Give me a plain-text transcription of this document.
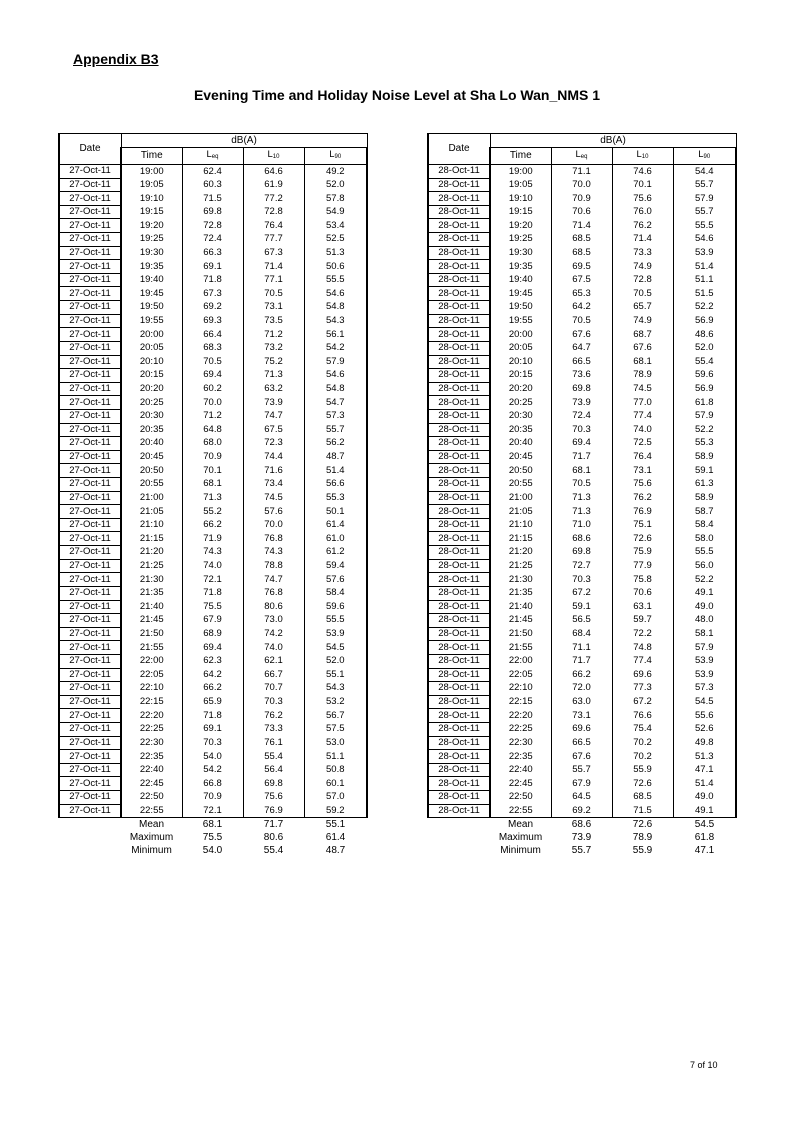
Appendix B3
Evening Time and Holiday Noise Level at Sha Lo Wan_NMS 1
Date	dB(A)			
	Time	Leq	L10	L90
27-Oct-11	19:00	62.4	64.6	49.2
27-Oct-11	19:05	60.3	61.9	52.0
27-Oct-11	19:10	71.5	77.2	57.8
27-Oct-11	19:15	69.8	72.8	54.9
27-Oct-11	19:20	72.8	76.4	53.4
27-Oct-11	19:25	72.4	77.7	52.5
27-Oct-11	19:30	66.3	67.3	51.3
27-Oct-11	19:35	69.1	71.4	50.6
27-Oct-11	19:40	71.8	77.1	55.5
27-Oct-11	19:45	67.3	70.5	54.6
27-Oct-11	19:50	69.2	73.1	54.8
27-Oct-11	19:55	69.3	73.5	54.3
27-Oct-11	20:00	66.4	71.2	56.1
27-Oct-11	20:05	68.3	73.2	54.2
27-Oct-11	20:10	70.5	75.2	57.9
27-Oct-11	20:15	69.4	71.3	54.6
27-Oct-11	20:20	60.2	63.2	54.8
27-Oct-11	20:25	70.0	73.9	54.7
27-Oct-11	20:30	71.2	74.7	57.3
27-Oct-11	20:35	64.8	67.5	55.7
27-Oct-11	20:40	68.0	72.3	56.2
27-Oct-11	20:45	70.9	74.4	48.7
27-Oct-11	20:50	70.1	71.6	51.4
27-Oct-11	20:55	68.1	73.4	56.6
27-Oct-11	21:00	71.3	74.5	55.3
27-Oct-11	21:05	55.2	57.6	50.1
27-Oct-11	21:10	66.2	70.0	61.4
27-Oct-11	21:15	71.9	76.8	61.0
27-Oct-11	21:20	74.3	74.3	61.2
27-Oct-11	21:25	74.0	78.8	59.4
27-Oct-11	21:30	72.1	74.7	57.6
27-Oct-11	21:35	71.8	76.8	58.4
27-Oct-11	21:40	75.5	80.6	59.6
27-Oct-11	21:45	67.9	73.0	55.5
27-Oct-11	21:50	68.9	74.2	53.9
27-Oct-11	21:55	69.4	74.0	54.5
27-Oct-11	22:00	62.3	62.1	52.0
27-Oct-11	22:05	64.2	66.7	55.1
27-Oct-11	22:10	66.2	70.7	54.3
27-Oct-11	22:15	65.9	70.3	53.2
27-Oct-11	22:20	71.8	76.2	56.7
27-Oct-11	22:25	69.1	73.3	57.5
27-Oct-11	22:30	70.3	76.1	53.0
27-Oct-11	22:35	54.0	55.4	51.1
27-Oct-11	22:40	54.2	56.4	50.8
27-Oct-11	22:45	66.8	69.8	60.1
27-Oct-11	22:50	70.9	75.6	57.0
27-Oct-11	22:55	72.1	76.9	59.2
	Mean	68.1	71.7	55.1
	Maximum	75.5	80.6	61.4
	Minimum	54.0	55.4	48.7
Date	dB(A)			
	Time	Leq	L10	L90
28-Oct-11	19:00	71.1	74.6	54.4
28-Oct-11	19:05	70.0	70.1	55.7
28-Oct-11	19:10	70.9	75.6	57.9
28-Oct-11	19:15	70.6	76.0	55.7
28-Oct-11	19:20	71.4	76.2	55.5
28-Oct-11	19:25	68.5	71.4	54.6
28-Oct-11	19:30	68.5	73.3	53.9
28-Oct-11	19:35	69.5	74.9	51.4
28-Oct-11	19:40	67.5	72.8	51.1
28-Oct-11	19:45	65.3	70.5	51.5
28-Oct-11	19:50	64.2	65.7	52.2
28-Oct-11	19:55	70.5	74.9	56.9
28-Oct-11	20:00	67.6	68.7	48.6
28-Oct-11	20:05	64.7	67.6	52.0
28-Oct-11	20:10	66.5	68.1	55.4
28-Oct-11	20:15	73.6	78.9	59.6
28-Oct-11	20:20	69.8	74.5	56.9
28-Oct-11	20:25	73.9	77.0	61.8
28-Oct-11	20:30	72.4	77.4	57.9
28-Oct-11	20:35	70.3	74.0	52.2
28-Oct-11	20:40	69.4	72.5	55.3
28-Oct-11	20:45	71.7	76.4	58.9
28-Oct-11	20:50	68.1	73.1	59.1
28-Oct-11	20:55	70.5	75.6	61.3
28-Oct-11	21:00	71.3	76.2	58.9
28-Oct-11	21:05	71.3	76.9	58.7
28-Oct-11	21:10	71.0	75.1	58.4
28-Oct-11	21:15	68.6	72.6	58.0
28-Oct-11	21:20	69.8	75.9	55.5
28-Oct-11	21:25	72.7	77.9	56.0
28-Oct-11	21:30	70.3	75.8	52.2
28-Oct-11	21:35	67.2	70.6	49.1
28-Oct-11	21:40	59.1	63.1	49.0
28-Oct-11	21:45	56.5	59.7	48.0
28-Oct-11	21:50	68.4	72.2	58.1
28-Oct-11	21:55	71.1	74.8	57.9
28-Oct-11	22:00	71.7	77.4	53.9
28-Oct-11	22:05	66.2	69.6	53.9
28-Oct-11	22:10	72.0	77.3	57.3
28-Oct-11	22:15	63.0	67.2	54.5
28-Oct-11	22:20	73.1	76.6	55.6
28-Oct-11	22:25	69.6	75.4	52.6
28-Oct-11	22:30	66.5	70.2	49.8
28-Oct-11	22:35	67.6	70.2	51.3
28-Oct-11	22:40	55.7	55.9	47.1
28-Oct-11	22:45	67.9	72.6	51.4
28-Oct-11	22:50	64.5	68.5	49.0
28-Oct-11	22:55	69.2	71.5	49.1
	Mean	68.6	72.6	54.5
	Maximum	73.9	78.9	61.8
	Minimum	55.7	55.9	47.1
7 of 10
